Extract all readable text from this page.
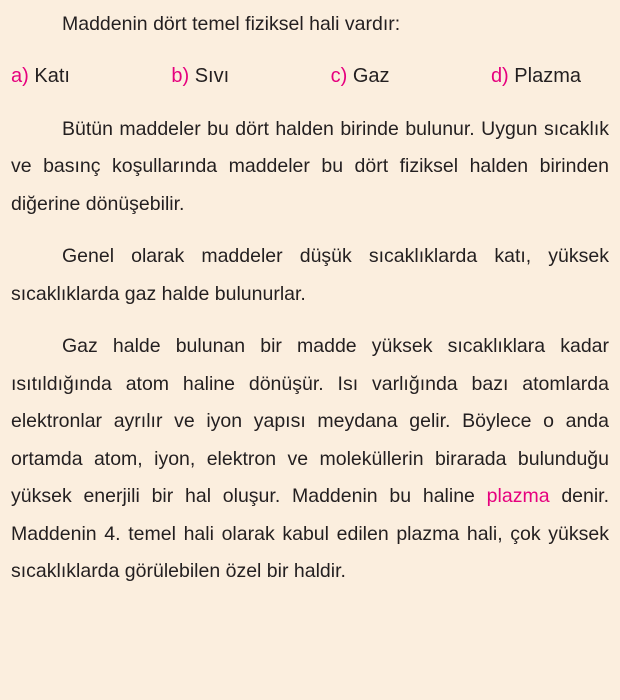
Maddenin dört temel fiziksel hali vardır:

a) Katı	b) Sıvı	c) Gaz	d) Plazma

Bütün maddeler bu dört halden birinde bulunur. Uygun sıcaklık ve basınç koşullarında maddeler bu dört fiziksel halden birinden diğerine dönüşebilir.

Genel olarak maddeler düşük sıcaklıklarda katı, yüksek sıcaklıklarda gaz halde bulunurlar.

Gaz halde bulunan bir madde yüksek sıcaklıklara kadar ısıtıldığında atom haline dönüşür. Isı varlığında bazı atomlarda elektronlar ayrılır ve iyon yapısı meydana gelir. Böylece o anda ortamda atom, iyon, elektron ve moleküllerin birarada bulunduğu yüksek enerjili bir hal oluşur. Maddenin bu haline plazma denir. Maddenin 4. temel hali olarak kabul edilen plazma hali, çok yüksek sıcaklıklarda görülebilen özel bir haldir.
